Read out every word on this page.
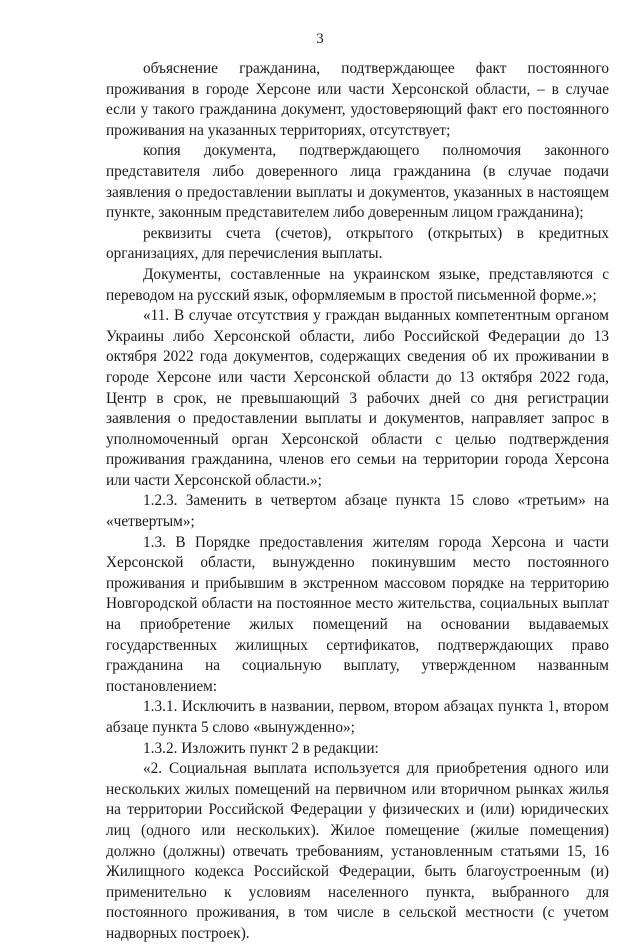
3

объяснение гражданина, подтверждающее факт постоянного проживания в городе Херсоне или части Херсонской области, – в случае если у такого гражданина документ, удостоверяющий факт его постоянного проживания на указанных территориях, отсутствует;

копия документа, подтверждающего полномочия законного представителя либо доверенного лица гражданина (в случае подачи заявления о предоставлении выплаты и документов, указанных в настоящем пункте, законным представителем либо доверенным лицом гражданина);

реквизиты счета (счетов), открытого (открытых) в кредитных организациях, для перечисления выплаты.

Документы, составленные на украинском языке, представляются с переводом на русский язык, оформляемым в простой письменной форме.»;

«11. В случае отсутствия у граждан выданных компетентным органом Украины либо Херсонской области, либо Российской Федерации до 13 октября 2022 года документов, содержащих сведения об их проживании в городе Херсоне или части Херсонской области до 13 октября 2022 года, Центр в срок, не превышающий 3 рабочих дней со дня регистрации заявления о предоставлении выплаты и документов, направляет запрос в уполномоченный орган Херсонской области с целью подтверждения проживания гражданина, членов его семьи на территории города Херсона или части Херсонской области.»;

1.2.3. Заменить в четвертом абзаце пункта 15 слово «третьим» на «четвертым»;

1.3. В Порядке предоставления жителям города Херсона и части Херсонской области, вынужденно покинувшим место постоянного проживания и прибывшим в экстренном массовом порядке на территорию Новгородской области на постоянное место жительства, социальных выплат на приобретение жилых помещений на основании выдаваемых государственных жилищных сертификатов, подтверждающих право гражданина на социальную выплату, утвержденном названным постановлением:

1.3.1. Исключить в названии, первом, втором абзацах пункта 1, втором абзаце пункта 5 слово «вынужденно»;

1.3.2. Изложить пункт 2 в редакции:

«2. Социальная выплата используется для приобретения одного или нескольких жилых помещений на первичном или вторичном рынках жилья на территории Российской Федерации у физических и (или) юридических лиц (одного или нескольких). Жилое помещение (жилые помещения) должно (должны) отвечать требованиям, установленным статьями 15, 16 Жилищного кодекса Российской Федерации, быть благоустроенным (и) применительно к условиям населенного пункта, выбранного для постоянного проживания, в том числе в сельской местности (с учетом надворных построек).
